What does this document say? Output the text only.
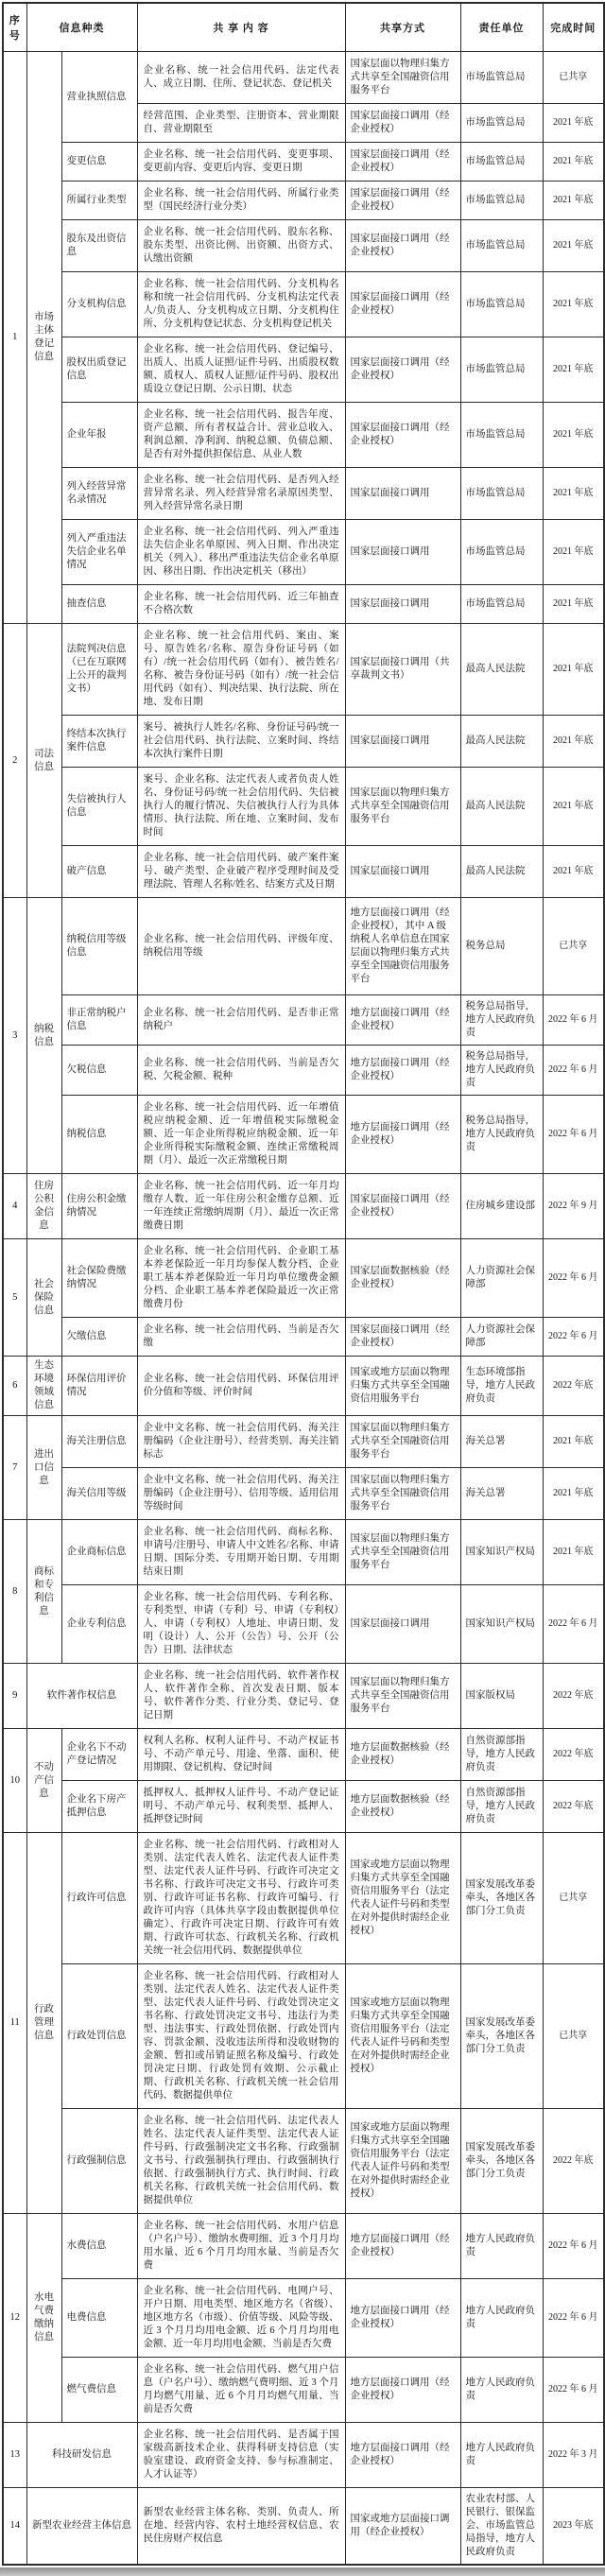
序号	信息种类		共 享 内 容	共享方式	责任单位	完成时间
1	市场主体登记信息	营业执照信息	企业名称、统一社会信用代码、法定代表人、成立日期、住所、登记状态、登记机关	国家层面以物理归集方式共享至全国融资信用服务平台	市场监管总局	已共享
			经营范围、企业类型、注册资本、营业期限自、营业期限至	国家层面接口调用（经企业授权）	市场监管总局	2021 年底
		变更信息	企业名称、统一社会信用代码、变更事项、变更前内容、变更后内容、变更日期	国家层面接口调用（经企业授权）	市场监管总局	2021 年底
		所属行业类型	企业名称、统一社会信用代码、所属行业类型（国民经济行业分类）	国家层面接口调用（经企业授权）	市场监管总局	2021 年底
		股东及出资信息	企业名称、统一社会信用代码、股东名称、股东类型、出资比例、出资额、出资方式、认缴出资额	国家层面接口调用（经企业授权）	市场监管总局	2021 年底
		分支机构信息	企业名称、统一社会信用代码、分支机构名称和统一社会信用代码、分支机构法定代表人/负责人、分支机构成立日期、分支机构住所、分支机构登记状态、分支机构登记机关	国家层面接口调用（经企业授权）	市场监管总局	2021 年底
		股权出质登记信息	企业名称、统一社会信用代码、登记编号、出质人、出质人证照/证件号码、出质股权数额、质权人、质权人证照/证件号码、股权出质设立登记日期、公示日期、状态	国家层面接口调用（经企业授权）	市场监管总局	2021 年底
		企业年报	企业名称、统一社会信用代码、报告年度、资产总额、所有者权益合计、营业总收入、利润总额、净利润、纳税总额、负债总额、是否有对外提供担保信息、从业人数	国家层面接口调用（经企业授权）	市场监管总局	2021 年底
		列入经营异常名录情况	企业名称、统一社会信用代码、是否列入经营异常名录、列入经营异常名录原因类型、列入经营异常名录日期	国家层面接口调用	市场监管总局	2021 年底
		列入严重违法失信企业名单情况	企业名称、统一社会信用代码、列入严重违法失信企业名单原因、列入日期、作出决定机关（列入）、移出严重违法失信企业名单原因、移出日期、作出决定机关（移出）	国家层面接口调用	市场监管总局	2021 年底
		抽查信息	企业名称、统一社会信用代码、近三年抽查不合格次数	国家层面接口调用	市场监管总局	2021 年底
2	司法信息	法院判决信息（已在互联网上公开的裁判文书）	企业名称、统一社会信用代码、案由、案号、原告姓名/名称、原告身份证号码（如有）/统一社会信用代码（如有）、被告姓名/名称、被告身份证号码（如有）/统一社会信用代码（如有）、判决结果、执行法院、所在地、发布日期	国家层面接口调用（共享裁判文书）	最高人民法院	2021 年底
		终结本次执行案件信息	案号、被执行人姓名/名称、身份证号码/统一社会信用代码、执行法院、立案时间、终结本次执行案件日期	国家层面接口调用	最高人民法院	2021 年底
		失信被执行人信息	案号、企业名称、法定代表人或者负责人姓名、身份证号码/统一社会信用代码、失信被执行人的履行情况、失信被执行人行为具体情形、执行法院、所在地、立案时间、发布时间	国家层面以物理归集方式共享至全国融资信用服务平台	最高人民法院	2021 年底
		破产信息	企业名称、统一社会信用代码、破产案件案号、破产类型、企业破产程序受理时间及受理法院、管理人名称/姓名、结案方式及日期	国家层面接口调用	最高人民法院	2021 年底
3	纳税信息	纳税信用等级信息	企业名称、统一社会信用代码、评级年度、纳税信用等级	地方层面接口调用（经企业授权），其中 A 级纳税人名单信息在国家层面以物理归集方式共享至全国融资信用服务平台	税务总局	已共享
		非正常纳税户信息	企业名称、统一社会信用代码、是否非正常纳税户	地方层面接口调用（经企业授权）	税务总局指导，地方人民政府负责	2022 年 6 月
		欠税信息	企业名称、统一社会信用代码、当前是否欠税、欠税金额、税种	地方层面接口调用（经企业授权）	税务总局指导，地方人民政府负责	2022 年 6 月
		纳税信息	企业名称、统一社会信用代码、近一年增值税应纳税金额、近一年增值税实际缴税金额、近一年企业所得税应纳税金额、近一年企业所得税实际缴税金额、连续正常缴税周期（月）、最近一次正常缴税日期	地方层面接口调用（经企业授权）	税务总局指导，地方人民政府负责	2022 年 6 月
4	住房公积金信息	住房公积金缴纳情况	企业名称、统一社会信用代码、近一年月均缴存人数、近一年住房公积金缴存总额、近一年连续正常缴纳周期（月）、最近一次正常缴费日期	国家层面接口调用（经企业授权）	住房城乡建设部	2022 年 9 月
5	社会保险信息	社会保险费缴纳情况	企业名称、统一社会信用代码、企业职工基本养老保险近一年月均参保人数分档、企业职工基本养老保险近一年月均单位缴费金额分档、企业职工基本养老保险最近一次正常缴费月份	国家层面数据核验（经企业授权）	人力资源社会保障部	2022 年 6 月
		欠缴信息	企业名称、统一社会信用代码、当前是否欠缴	国家层面接口调用（经企业授权）	人力资源社会保障部	2022 年 6 月
6	生态环境领域信息	环保信用评价情况	企业名称、统一社会信用代码、环保信用评价分值和等级、评价时间	国家或地方层面以物理归集方式共享至全国融资信用服务平台	生态环境部指导，地方人民政府负责	2022 年底
7	进出口信息	海关注册信息	企业中文名称、统一社会信用代码、海关注册编码（企业注册号）、经营类别、海关注销标志	国家层面以物理归集方式共享至全国融资信用服务平台	海关总署	2021 年底
		海关信用等级	企业中文名称、统一社会信用代码、海关注册编码（企业注册号）、信用等级、适用信用等级时间	国家层面以物理归集方式共享至全国融资信用服务平台	海关总署	2021 年底
8	商标和专利信息	企业商标信息	企业名称、统一社会信用代码、商标名称、申请号/注册号、申请人中文姓名/名称、申请日期、国际分类、专用期开始日期、专用期结束日期	国家层面以物理归集方式共享至全国融资信用服务平台	国家知识产权局	2021 年底
		企业专利信息	企业名称、统一社会信用代码、专利名称、专利类型、申请（专利）号、申请（专利权）人、申请（专利权）人地址、申请日期、发明（设计）人、公开（公告）号、公开（公告）日期、法律状态	国家层面接口调用	国家知识产权局	2022 年 6 月
9	软件著作权信息		企业名称、统一社会信用代码、软件著作权人、软件著作全称、首次发表日期、版本号、软件著作分类、行业分类、登记号、登记日期	国家层面以物理归集方式共享至全国融资信用服务平台	国家版权局	2022 年底
10	不动产信息	企业名下不动产登记情况	权利人名称、权利人证件号、不动产权证书号、不动产单元号、用途、坐落、面积、使用期限、登记机构、登记时间	地方层面数据核验（经企业授权）	自然资源部指导，地方人民政府负责	2022 年底
		企业名下房产抵押信息	抵押权人、抵押权人证件号、不动产登记证明号、不动产单元号、权利类型、抵押人、抵押登记时间	地方层面数据核验（经企业授权）	自然资源部指导，地方人民政府负责	2022 年底
11	行政管理信息	行政许可信息	企业名称、统一社会信用代码、行政相对人类别、法定代表人姓名、法定代表人证件类型、法定代表人证件号码、行政许可决定文书名称、行政许可决定文书号、行政许可类别、行政许可证书名称、行政许可编号、行政许可内容（具体共享字段由数据提供单位确定）、行政许可决定日期、行政许可有效期、行政许可状态、行政机关名称、行政机关统一社会信用代码、数据提供单位	国家或地方层面以物理归集方式共享至全国融资信用服务平台（法定代表人证件号码和类型在对外提供时需经企业授权）	国家发展改革委牵头，各地区各部门分工负责	已共享
		行政处罚信息	企业名称、统一社会信用代码、行政相对人类别、法定代表人姓名、法定代表人证件类型、法定代表人证件号码、行政处罚决定文书名称、行政处罚决定文书号、违法行为类型、违法事实、行政处罚依据、行政处罚内容、罚款金额、没收违法所得和没收财物的金额、暂扣或吊销证照名称及编号、行政处罚决定日期、行政处罚有效期、公示截止期、行政机关名称、行政机关统一社会信用代码、数据提供单位	国家或地方层面以物理归集方式共享至全国融资信用服务平台（法定代表人证件号码和类型在对外提供时需经企业授权）	国家发展改革委牵头，各地区各部门分工负责	已共享
		行政强制信息	企业名称、统一社会信用代码、法定代表人姓名、法定代表人证件类型、法定代表人证件号码、行政强制决定文书名称、行政强制文书号、行政强制执行理由、行政强制执行依据、行政强制执行方式、执行时间、行政机关名称、行政机关统一社会信用代码、数据提供单位	国家或地方层面以物理归集方式共享至全国融资信用服务平台（法定代表人证件号码和类型在对外提供时需经企业授权）	国家发展改革委牵头，各地区各部门分工负责	2022 年底
12	水电气费缴纳信息	水费信息	企业名称、统一社会信用代码、水用户信息（户名户号）、缴纳水费明细、近 3 个月月均用水量、近 6 个月月均用水量、当前是否欠费	地方层面接口调用（经企业授权）	地方人民政府负责	2022 年 6 月
		电费信息	企业名称、统一社会信用代码、电网户号、开户日期、用电类型、地区地方名（省级）、地区地方名（市级）、价值等级、风险等级、近 3 个月月均用电金额、近 6 个月月均用电金额、近一年月均用电金额、当前是否欠费	地方层面接口调用（经企业授权）	地方人民政府负责	2022 年 6 月
		燃气费信息	企业名称、统一社会信用代码、燃气用户信息（户名户号）、缴纳燃气费明细、近 3 个月月均燃气用量、近 6 个月月均燃气用量、当前是否欠费	地方层面接口调用（经企业授权）	地方人民政府负责	2022 年 6 月
13	科技研发信息		企业名称、统一社会信用代码、是否属于国家级高新技术企业、获得科研支持信息（实验室建设、政府资金支持、参与标准制定、人才认证等）	地方层面接口调用（经企业授权）	地方人民政府负责	2022 年 3 月
14	新型农业经营主体信息		新型农业经营主体名称、类别、负责人、所在地、经营内容、农村土地经营权信息、农民住房财产权信息	国家或地方层面接口调用（经企业授权）	农业农村部、人民银行、银保监会、市场监管总局指导，地方人民政府负责	2023 年底
